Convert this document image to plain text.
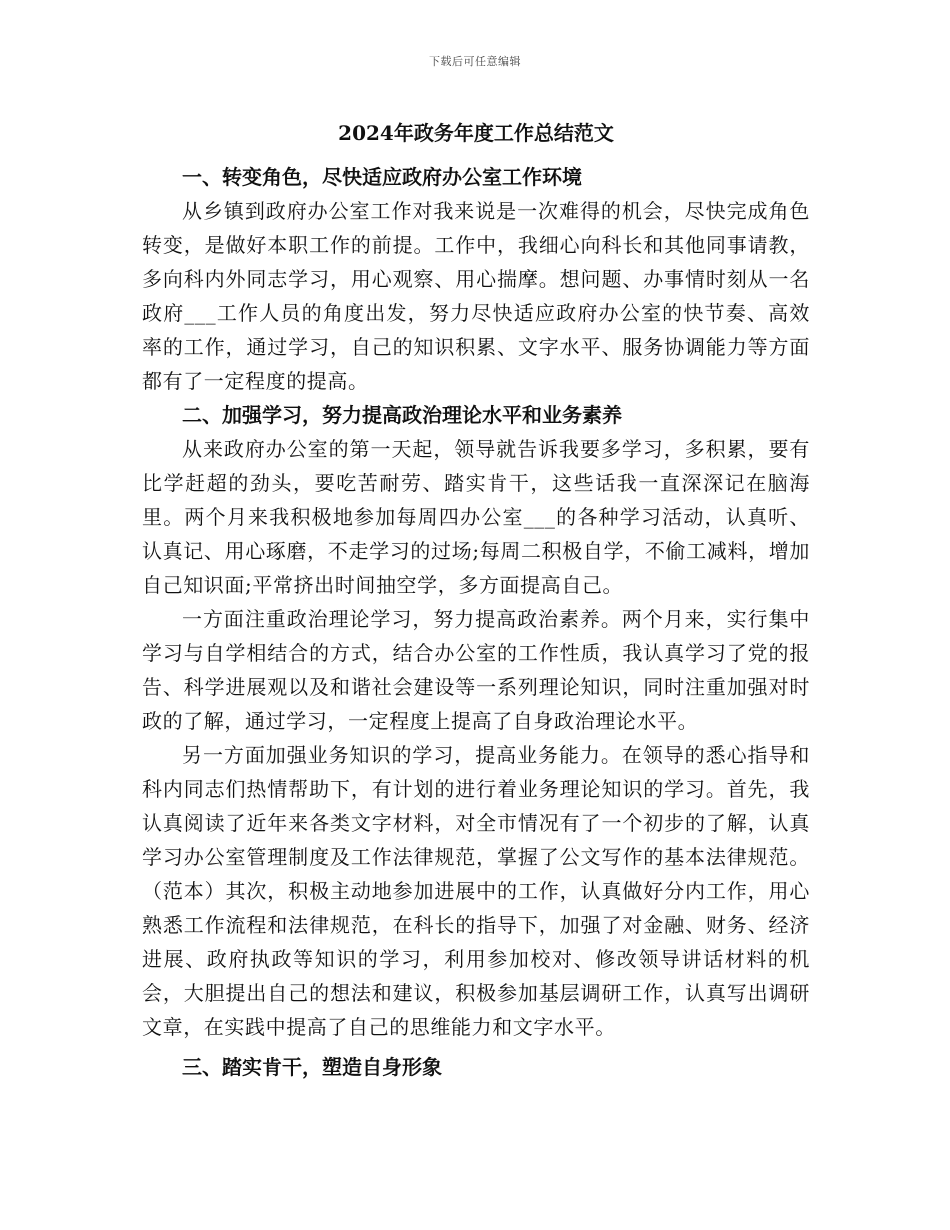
下载后可任意编辑
2024年政务年度工作总结范文
一、转变角色，尽快适应政府办公室工作环境

从乡镇到政府办公室工作对我来说是一次难得的机会，尽快完成角色转变，是做好本职工作的前提。工作中，我细心向科长和其他同事请教，多向科内外同志学习，用心观察、用心揣摩。想问题、办事情时刻从一名政府___工作人员的角度出发，努力尽快适应政府办公室的快节奏、高效率的工作，通过学习，自己的知识积累、文字水平、服务协调能力等方面都有了一定程度的提高。

二、加强学习，努力提高政治理论水平和业务素养

从来政府办公室的第一天起，领导就告诉我要多学习，多积累，要有比学赶超的劲头，要吃苦耐劳、踏实肯干，这些话我一直深深记在脑海里。两个月来我积极地参加每周四办公室___的各种学习活动，认真听、认真记、用心琢磨，不走学习的过场;每周二积极自学，不偷工减料，增加自己知识面;平常挤出时间抽空学，多方面提高自己。

一方面注重政治理论学习，努力提高政治素养。两个月来，实行集中学习与自学相结合的方式，结合办公室的工作性质，我认真学习了党的报告、科学进展观以及和谐社会建设等一系列理论知识，同时注重加强对时政的了解，通过学习，一定程度上提高了自身政治理论水平。

另一方面加强业务知识的学习，提高业务能力。在领导的悉心指导和科内同志们热情帮助下，有计划的进行着业务理论知识的学习。首先，我认真阅读了近年来各类文字材料，对全市情况有了一个初步的了解，认真学习办公室管理制度及工作法律规范，掌握了公文写作的基本法律规范。（范本）其次，积极主动地参加进展中的工作，认真做好分内工作，用心熟悉工作流程和法律规范，在科长的指导下，加强了对金融、财务、经济进展、政府执政等知识的学习，利用参加校对、修改领导讲话材料的机会，大胆提出自己的想法和建议，积极参加基层调研工作，认真写出调研文章，在实践中提高了自己的思维能力和文字水平。

三、踏实肯干，塑造自身形象
